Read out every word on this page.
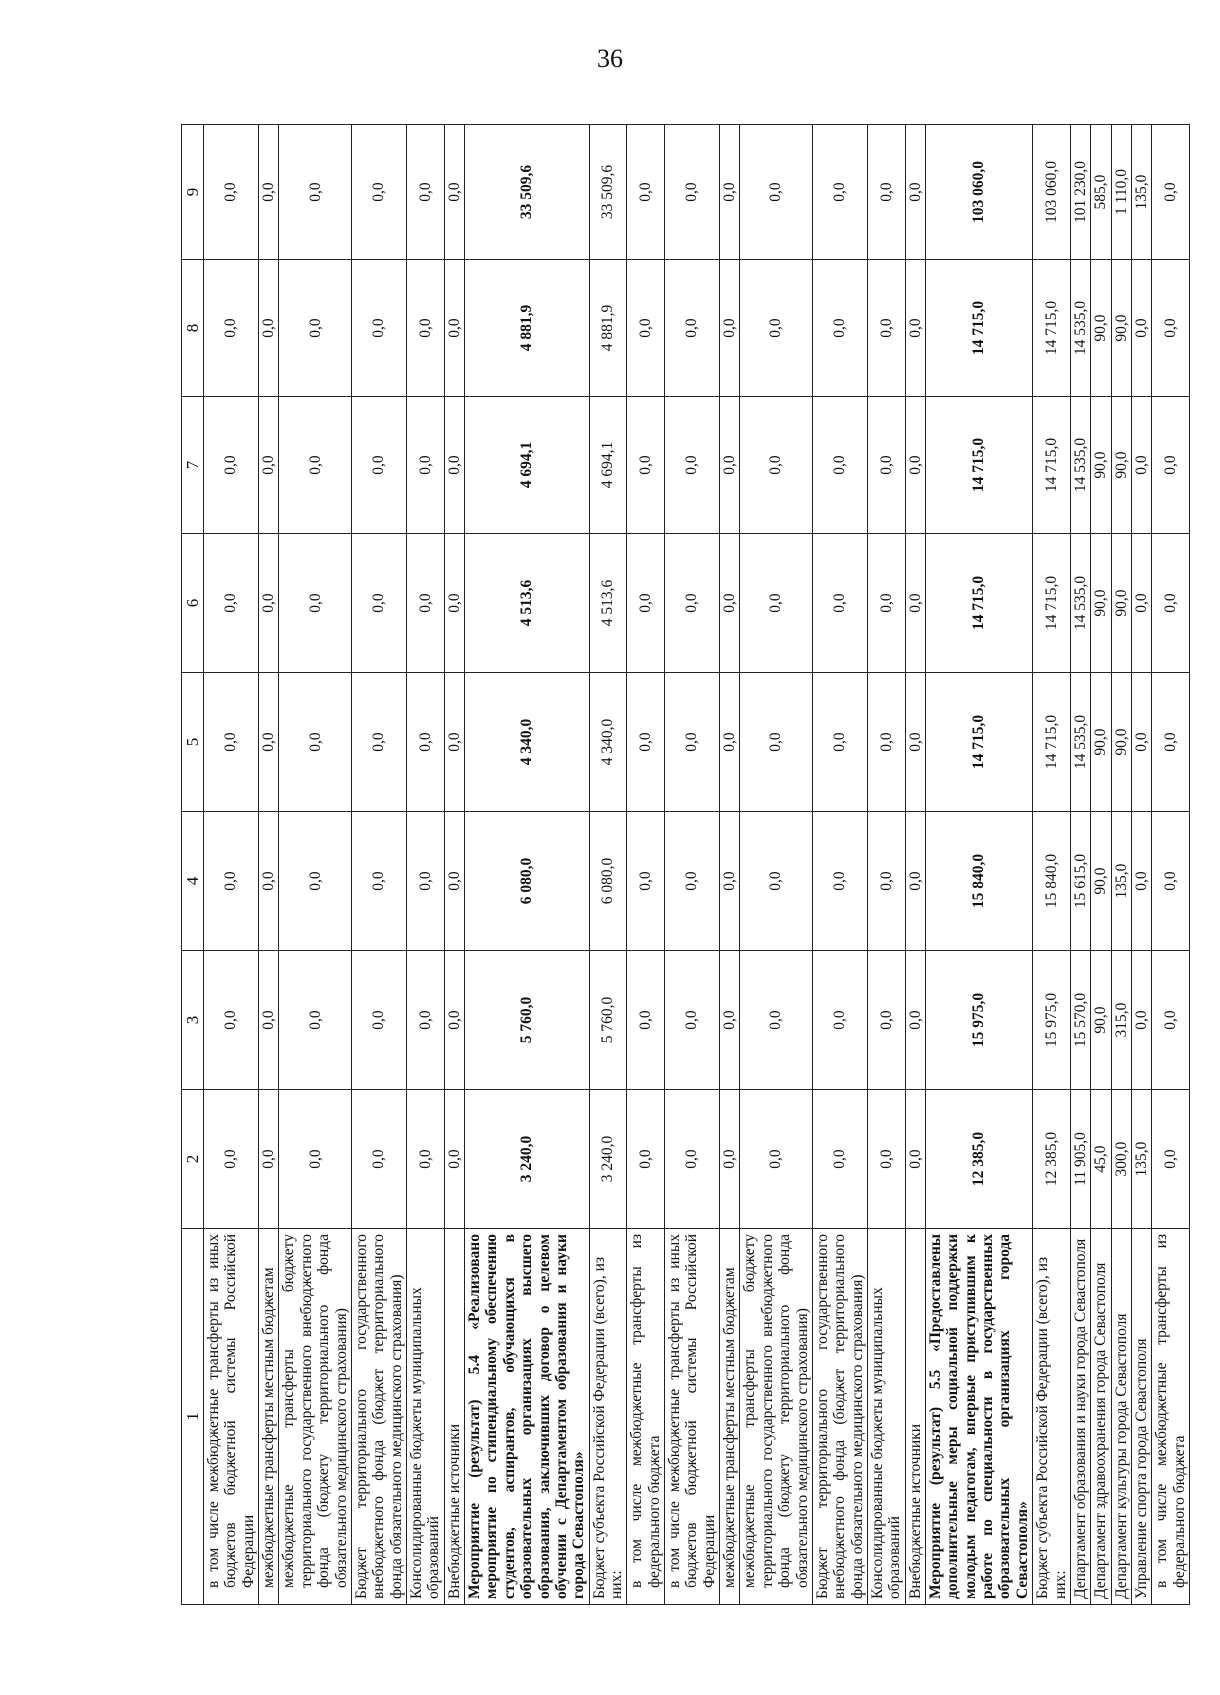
36
1	2	3	4	5	6	7	8	9
в том числе межбюджетные трансферты из иных бюджетов бюджетной системы Российской Федерации	0,0	0,0	0,0	0,0	0,0	0,0	0,0	0,0
межбюджетные трансферты местным бюджетам	0,0	0,0	0,0	0,0	0,0	0,0	0,0	0,0
межбюджетные трансферты бюджету территориального государственного внебюджетного фонда (бюджету территориального фонда обязательного медицинского страхования)	0,0	0,0	0,0	0,0	0,0	0,0	0,0	0,0
Бюджет территориального государственного внебюджетного фонда (бюджет территориального фонда обязательного медицинского страхования)	0,0	0,0	0,0	0,0	0,0	0,0	0,0	0,0
Консолидированные бюджеты муниципальных образований	0,0	0,0	0,0	0,0	0,0	0,0	0,0	0,0
Внебюджетные источники	0,0	0,0	0,0	0,0	0,0	0,0	0,0	0,0
Мероприятие (результат) 5.4 «Реализовано мероприятие по стипендиальному обеспечению студентов, аспирантов, обучающихся в образовательных организациях высшего образования, заключивших договор о целевом обучении с Департаментом образования и науки города Севастополя»	3 240,0	5 760,0	6 080,0	4 340,0	4 513,6	4 694,1	4 881,9	33 509,6
Бюджет субъекта Российской Федерации (всего), из них:	3 240,0	5 760,0	6 080,0	4 340,0	4 513,6	4 694,1	4 881,9	33 509,6
в том числе межбюджетные трансферты из федерального бюджета	0,0	0,0	0,0	0,0	0,0	0,0	0,0	0,0
в том числе межбюджетные трансферты из иных бюджетов бюджетной системы Российской Федерации	0,0	0,0	0,0	0,0	0,0	0,0	0,0	0,0
межбюджетные трансферты местным бюджетам	0,0	0,0	0,0	0,0	0,0	0,0	0,0	0,0
межбюджетные трансферты бюджету территориального государственного внебюджетного фонда (бюджету территориального фонда обязательного медицинского страхования)	0,0	0,0	0,0	0,0	0,0	0,0	0,0	0,0
Бюджет территориального государственного внебюджетного фонда (бюджет территориального фонда обязательного медицинского страхования)	0,0	0,0	0,0	0,0	0,0	0,0	0,0	0,0
Консолидированные бюджеты муниципальных образований	0,0	0,0	0,0	0,0	0,0	0,0	0,0	0,0
Внебюджетные источники	0,0	0,0	0,0	0,0	0,0	0,0	0,0	0,0
Мероприятие (результат) 5.5 «Предоставлены дополнительные меры социальной поддержки молодым педагогам, впервые приступившим к работе по специальности в государственных образовательных организациях города Севастополя»	12 385,0	15 975,0	15 840,0	14 715,0	14 715,0	14 715,0	14 715,0	103 060,0
Бюджет субъекта Российской Федерации (всего), из них:	12 385,0	15 975,0	15 840,0	14 715,0	14 715,0	14 715,0	14 715,0	103 060,0
Департамент образования и науки города Севастополя	11 905,0	15 570,0	15 615,0	14 535,0	14 535,0	14 535,0	14 535,0	101 230,0
Департамент здравоохранения города Севастополя	45,0	90,0	90,0	90,0	90,0	90,0	90,0	585,0
Департамент культуры города Севастополя	300,0	315,0	135,0	90,0	90,0	90,0	90,0	1 110,0
Управление спорта города Севастополя	135,0	0,0	0,0	0,0	0,0	0,0	0,0	135,0
в том числе межбюджетные трансферты из федерального бюджета	0,0	0,0	0,0	0,0	0,0	0,0	0,0	0,0
